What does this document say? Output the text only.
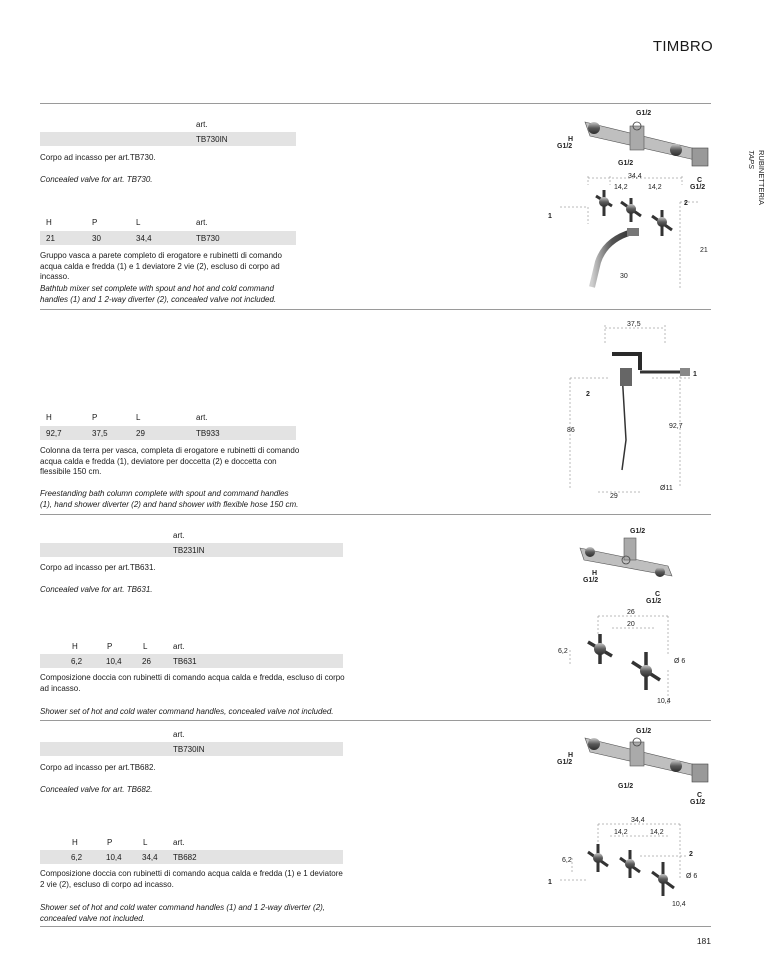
TIMBRO
RUBINETTERIA
TAPS
art.
TB730IN
Corpo ad incasso per art.TB730.
Concealed valve for art. TB730.
H	P	L	art.
21	30	34,4	TB730
Gruppo vasca a parete completo di erogatore e rubinetti di comando acqua calda e fredda (1) e 1 deviatore 2 vie (2), escluso di corpo ad incasso.
Bathtub mixer set complete with spout and hot and cold command handles (1) and 1 2-way diverter (2), concealed valve not included.
H	P	L	art.
92,7	37,5	29	TB933
Colonna da terra per vasca, completa di erogatore e rubinetti di comando acqua calda e fredda (1), deviatore per doccetta (2) e doccetta con flessibile 150 cm.
Freestanding bath column complete with spout and command handles (1), hand shower diverter (2) and hand shower with flexible hose 150 cm.
art.
TB231IN
Corpo ad incasso per art.TB631.
Concealed valve for art. TB631.
H	P	L	art.
6,2	10,4	26	TB631
Composizione doccia con rubinetti di comando acqua calda e fredda, escluso di corpo ad incasso.
Shower set of hot and cold water command handles, concealed valve not included.
art.
TB730IN
Corpo ad incasso per art.TB682.
Concealed valve for art. TB682.
H	P	L	art.
6,2	10,4	34,4 TB682
Composizione doccia con rubinetti di comando acqua calda e fredda (1) e 1 deviatore 2 vie (2), escluso di corpo ad incasso.
Shower set of hot and cold water command handles (1) and 1 2-way diverter (2), concealed valve not included.
G1/2
H
G1/2
G1/2
C
G1/2
34,4
14,2	14,2
1
2
21
30
37,5
86
92,7
2
1
29
Ø11
G1/2
H
G1/2
C
G1/2
26
20
6,2
Ø 6
10,4
G1/2
H
G1/2
G1/2
C
G1/2
34,4
14,2	14,2
6,2
1
2
Ø 6
10,4
181
